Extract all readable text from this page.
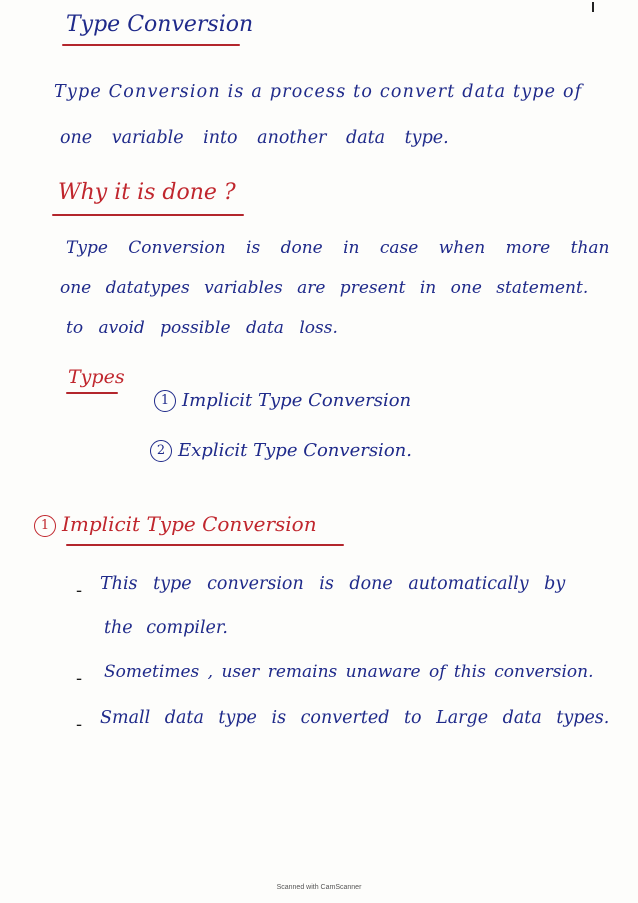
Type Conversion
Type Conversion is a process to convert data type of
one variable into another data type.
Why it is done ?
Type Conversion is done in case when more than
one datatypes variables are present in one statement.
to avoid possible data loss.
Types
1 Implicit Type Conversion
2 Explicit Type Conversion.
1 Implicit Type Conversion
- This type conversion is done automatically by
the compiler.
- Sometimes , user remains unaware of this conversion.
- Small data type is converted to Large data types.
Scanned with CamScanner
